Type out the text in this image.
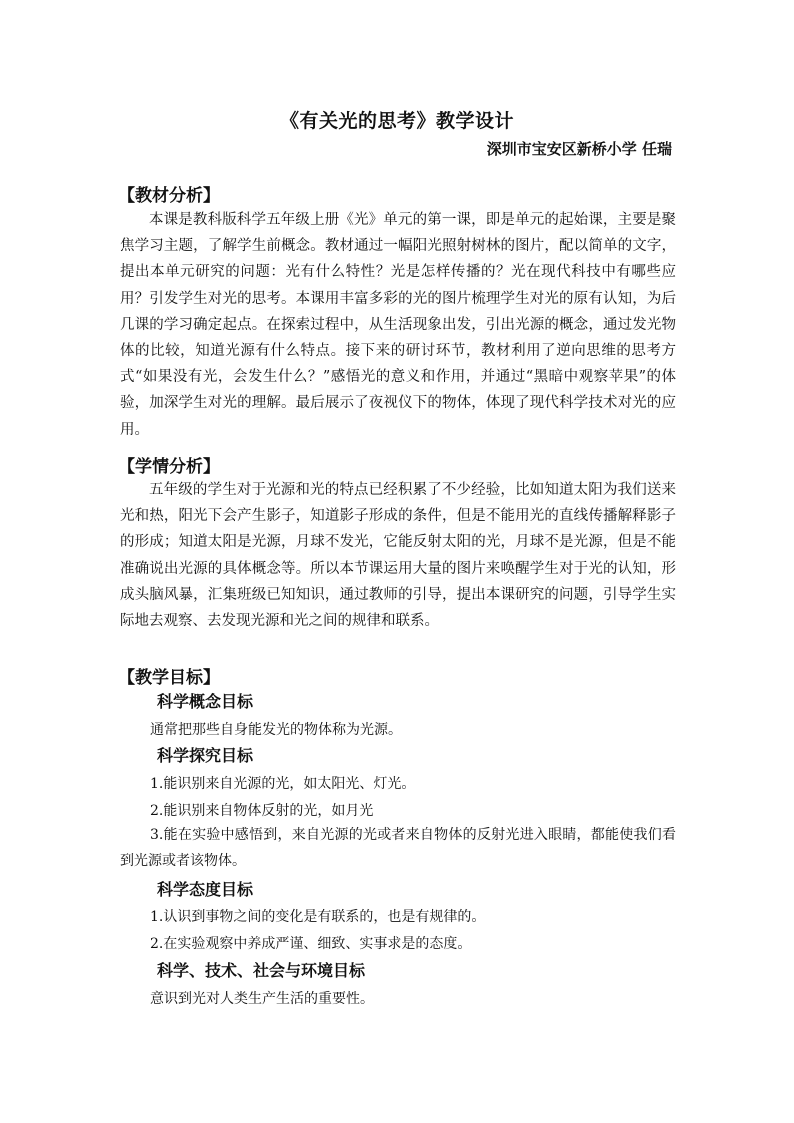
《有关光的思考》教学设计
深圳市宝安区新桥小学 任瑞
【教材分析】
本课是教科版科学五年级上册《光》单元的第一课，即是单元的起始课，主要是聚焦学习主题，了解学生前概念。教材通过一幅阳光照射树林的图片，配以简单的文字，提出本单元研究的问题：光有什么特性？光是怎样传播的？光在现代科技中有哪些应用？引发学生对光的思考。本课用丰富多彩的光的图片梳理学生对光的原有认知，为后几课的学习确定起点。在探索过程中，从生活现象出发，引出光源的概念，通过发光物体的比较，知道光源有什么特点。接下来的研讨环节，教材利用了逆向思维的思考方式“如果没有光，会发生什么？”感悟光的意义和作用，并通过“黑暗中观察苹果”的体验，加深学生对光的理解。最后展示了夜视仪下的物体，体现了现代科学技术对光的应用。
【学情分析】
五年级的学生对于光源和光的特点已经积累了不少经验，比如知道太阳为我们送来光和热，阳光下会产生影子，知道影子形成的条件，但是不能用光的直线传播解释影子的形成；知道太阳是光源，月球不发光，它能反射太阳的光，月球不是光源，但是不能准确说出光源的具体概念等。所以本节课运用大量的图片来唤醒学生对于光的认知，形成头脑风暴，汇集班级已知知识，通过教师的引导，提出本课研究的问题，引导学生实际地去观察、去发现光源和光之间的规律和联系。
【教学目标】
科学概念目标
通常把那些自身能发光的物体称为光源。
科学探究目标
1.能识别来自光源的光，如太阳光、灯光。
2.能识别来自物体反射的光，如月光
3.能在实验中感悟到，来自光源的光或者来自物体的反射光进入眼睛，都能使我们看到光源或者该物体。
科学态度目标
1.认识到事物之间的变化是有联系的，也是有规律的。
2.在实验观察中养成严谨、细致、实事求是的态度。
科学、技术、社会与环境目标
意识到光对人类生产生活的重要性。
